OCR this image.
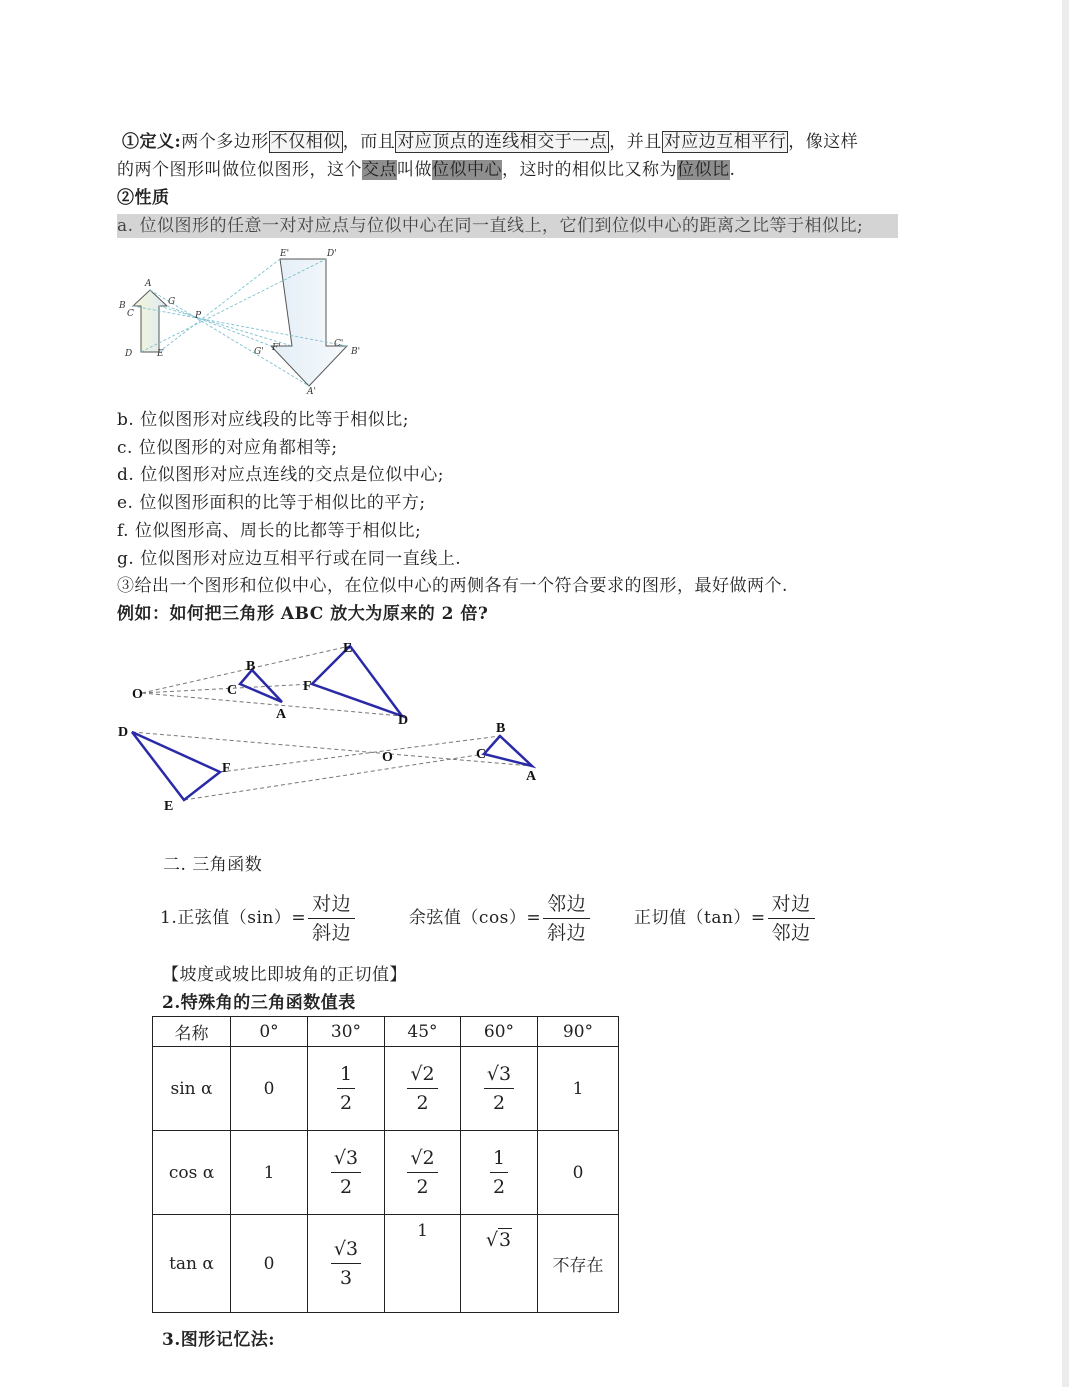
①定义:两个多边形 不仅相似 ，而且 对应顶点的连线相交于一点 ，并且 对应边互相平行 ，像这样
的两个图形叫做位似图形，这个交点叫做位似中心，这时的相似比又称为位似比.
②性质
a. 位似图形的任意一对对应点与位似中心在同一直线上，它们到位似中心的距离之比等于相似比;
A
B
C
D	E
G
P
E'	D'
C'
B'
G' F'
A'
b. 位似图形对应线段的比等于相似比;
c. 位似图形的对应角都相等;
d. 位似图形对应点连线的交点是位似中心;
e. 位似图形面积的比等于相似比的平方;
f. 位似图形高、周长的比都等于相似比;
g. 位似图形对应边互相平行或在同一直线上.
③给出一个图形和位似中心，在位似中心的两侧各有一个符合要求的图形，最好做两个.
例如：如何把三角形 ABC 放大为原来的 2 倍?
O
B
C
A
E
F
D
D
F
E
O
B
C
A
二. 三角函数
1.正弦值$(\sin)= \frac{\text{对边}}{\text{斜边}}$	余弦值$(\cos)= \frac{\text{邻边}}{\text{斜边}}$	正切值$(\tan)= \frac{\text{对边}}{\text{邻边}}$
【坡度或坡比即坡角的正切值】
2.特殊角的三角函数值表
名称	0°	30°	45°	60°	90°
sin α	0	$\frac{1}{2}$	$\frac{√2}{2}$	$\frac{√3}{2}$	1
cos α	1	$\frac{√3}{2}$	$\frac{√2}{2}$	$\frac{1}{2}$	0
tan α	0	$\frac{√3}{3}$	1	√3	不存在
3.图形记忆法:
